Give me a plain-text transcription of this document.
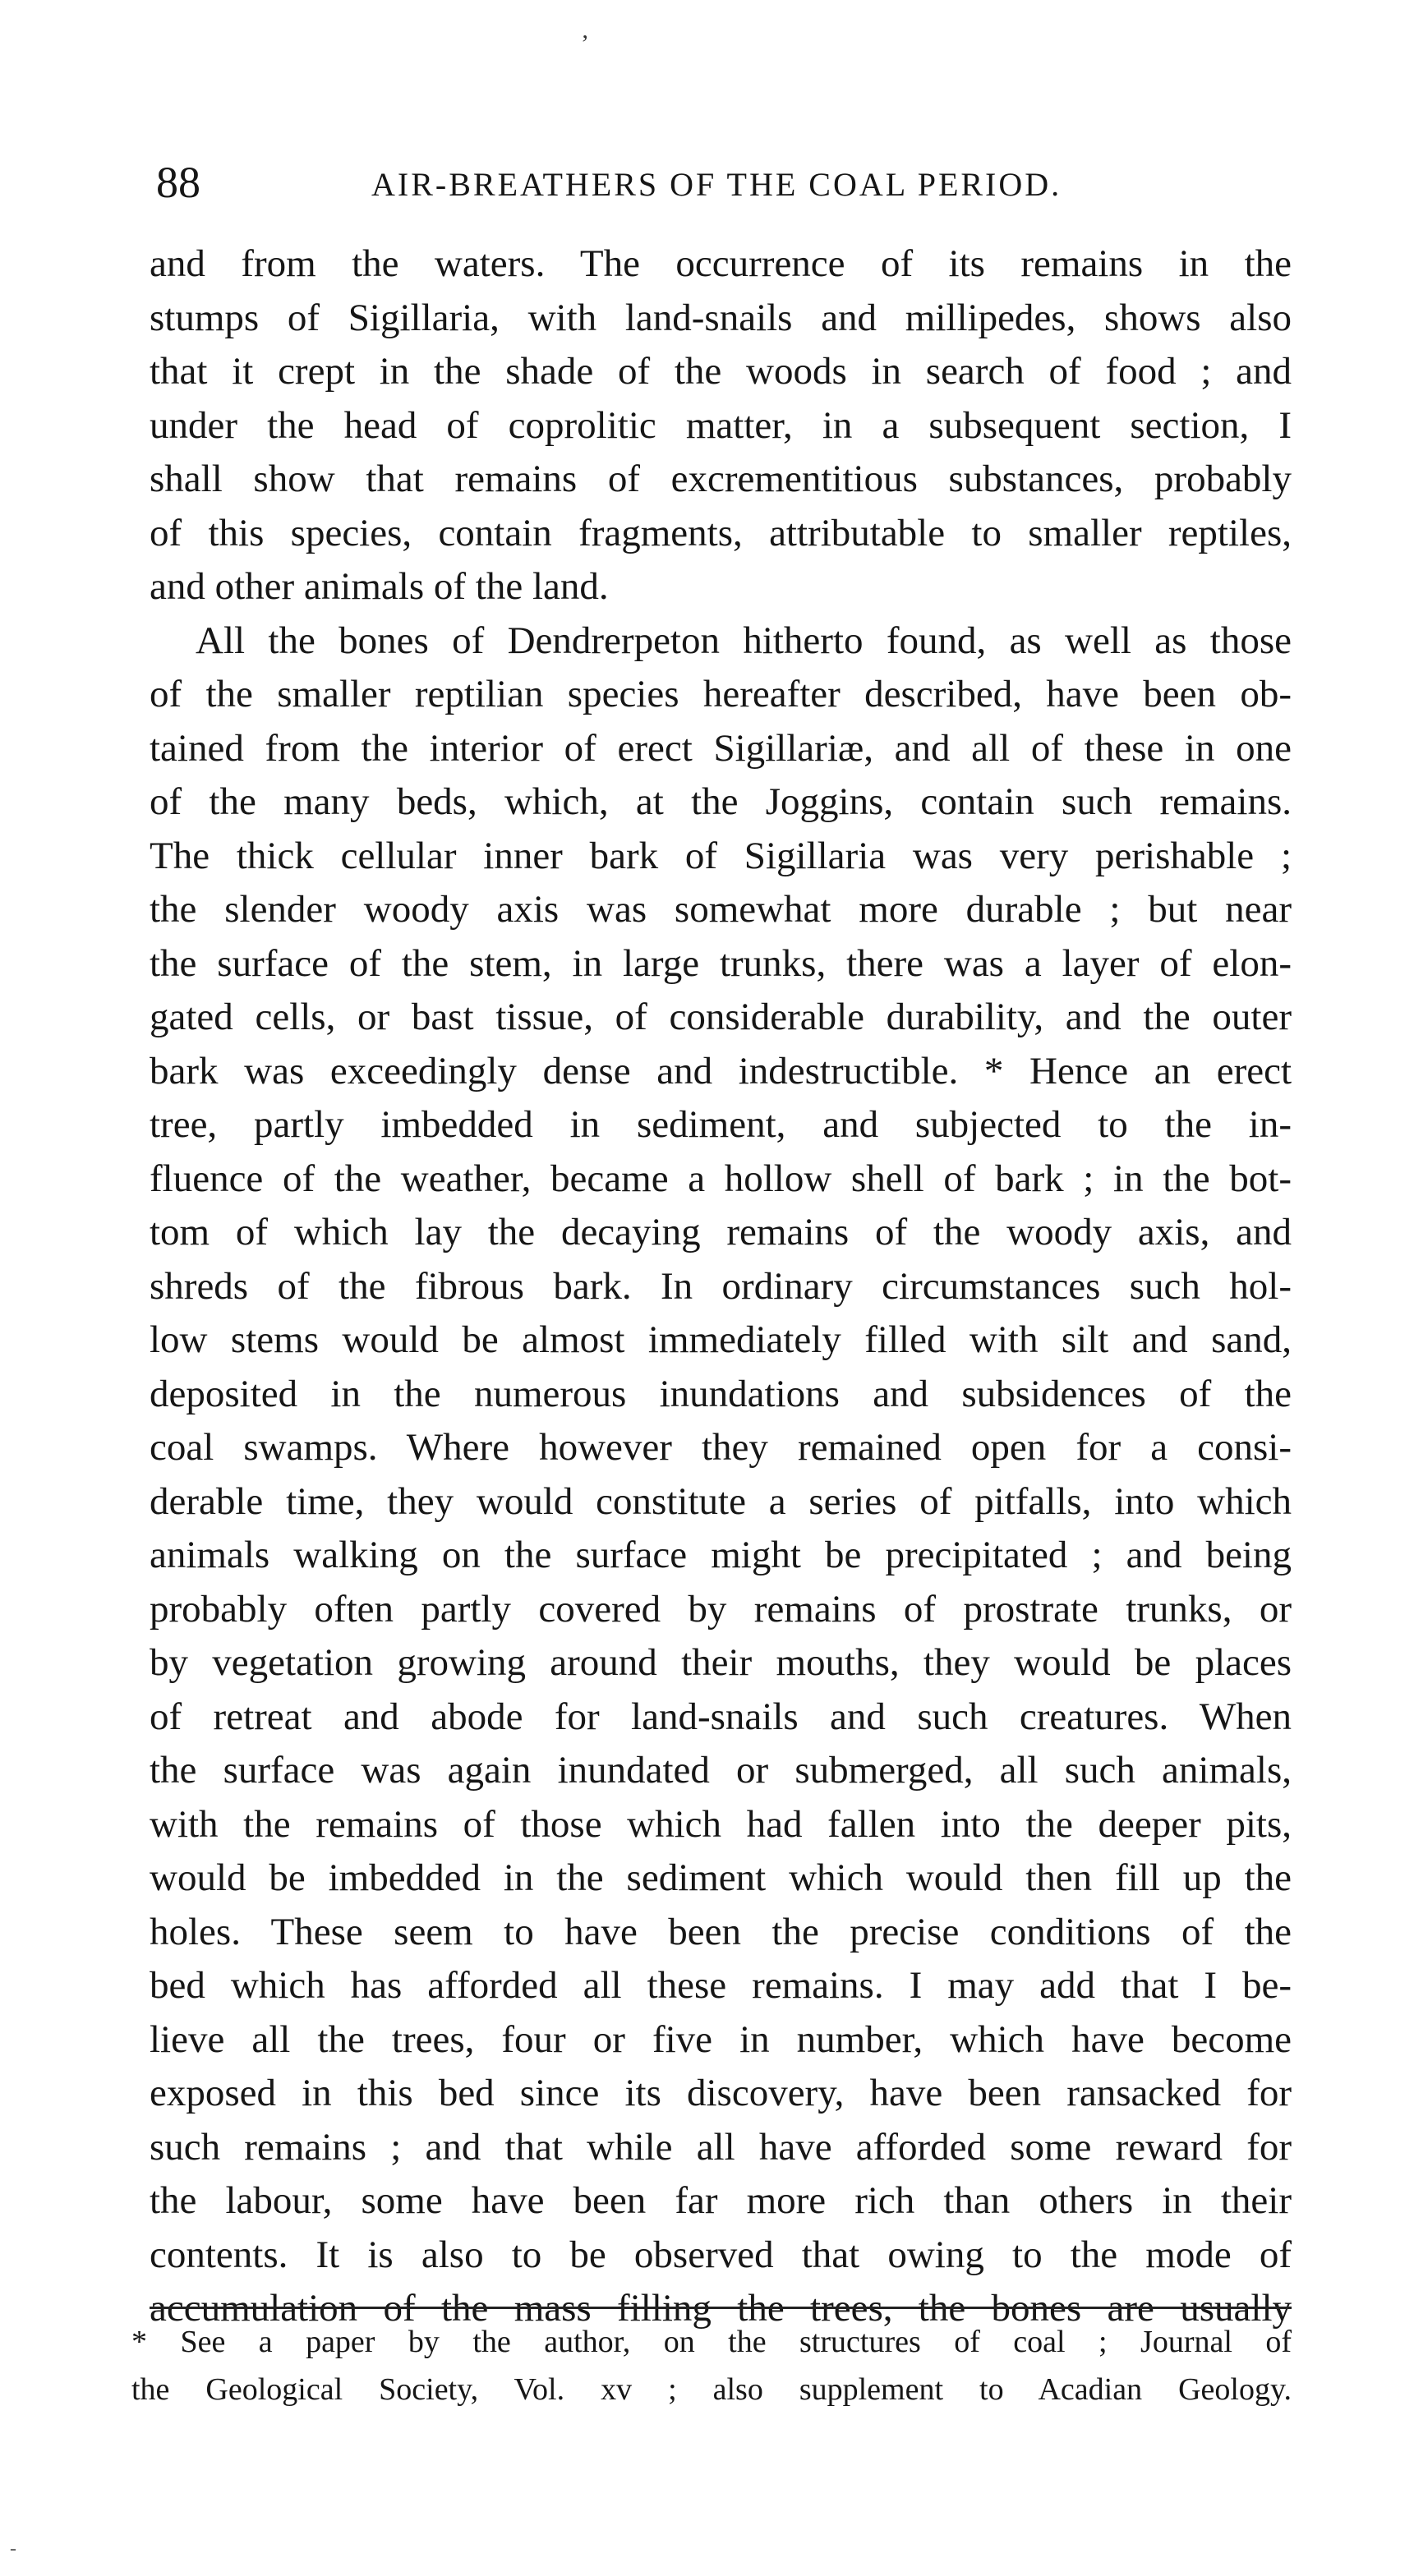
‚
88	AIR-BREATHERS OF THE COAL PERIOD.
and from the waters. The occurrence of its remains in the
stumps of Sigillaria, with land-snails and millipedes, shows also
that it crept in the shade of the woods in search of food ; and
under the head of coprolitic matter, in a subsequent section, I
shall show that remains of excrementitious substances, probably
of this species, contain fragments, attributable to smaller reptiles,
and other animals of the land.
All the bones of Dendrerpeton hitherto found, as well as those
of the smaller reptilian species hereafter described, have been ob-
tained from the interior of erect Sigillariæ, and all of these in one
of the many beds, which, at the Joggins, contain such remains.
The thick cellular inner bark of Sigillaria was very perishable ;
the slender woody axis was somewhat more durable ; but near
the surface of the stem, in large trunks, there was a layer of elon-
gated cells, or bast tissue, of considerable durability, and the outer
bark was exceedingly dense and indestructible. * Hence an erect
tree, partly imbedded in sediment, and subjected to the in-
fluence of the weather, became a hollow shell of bark ; in the bot-
tom of which lay the decaying remains of the woody axis, and
shreds of the fibrous bark. In ordinary circumstances such hol-
low stems would be almost immediately filled with silt and sand,
deposited in the numerous inundations and subsidences of the
coal swamps. Where however they remained open for a consi-
derable time, they would constitute a series of pitfalls, into which
animals walking on the surface might be precipitated ; and being
probably often partly covered by remains of prostrate trunks, or
by vegetation growing around their mouths, they would be places
of retreat and abode for land-snails and such creatures. When
the surface was again inundated or submerged, all such animals,
with the remains of those which had fallen into the deeper pits,
would be imbedded in the sediment which would then fill up the
holes. These seem to have been the precise conditions of the
bed which has afforded all these remains. I may add that I be-
lieve all the trees, four or five in number, which have become
exposed in this bed since its discovery, have been ransacked for
such remains ; and that while all have afforded some reward for
the labour, some have been far more rich than others in their
contents. It is also to be observed that owing to the mode of
accumulation of the mass filling the trees, the bones are usually
* See a paper by the author, on the structures of coal ; Journal of
the Geological Society, Vol. xv ; also supplement to Acadian Geology.
-
